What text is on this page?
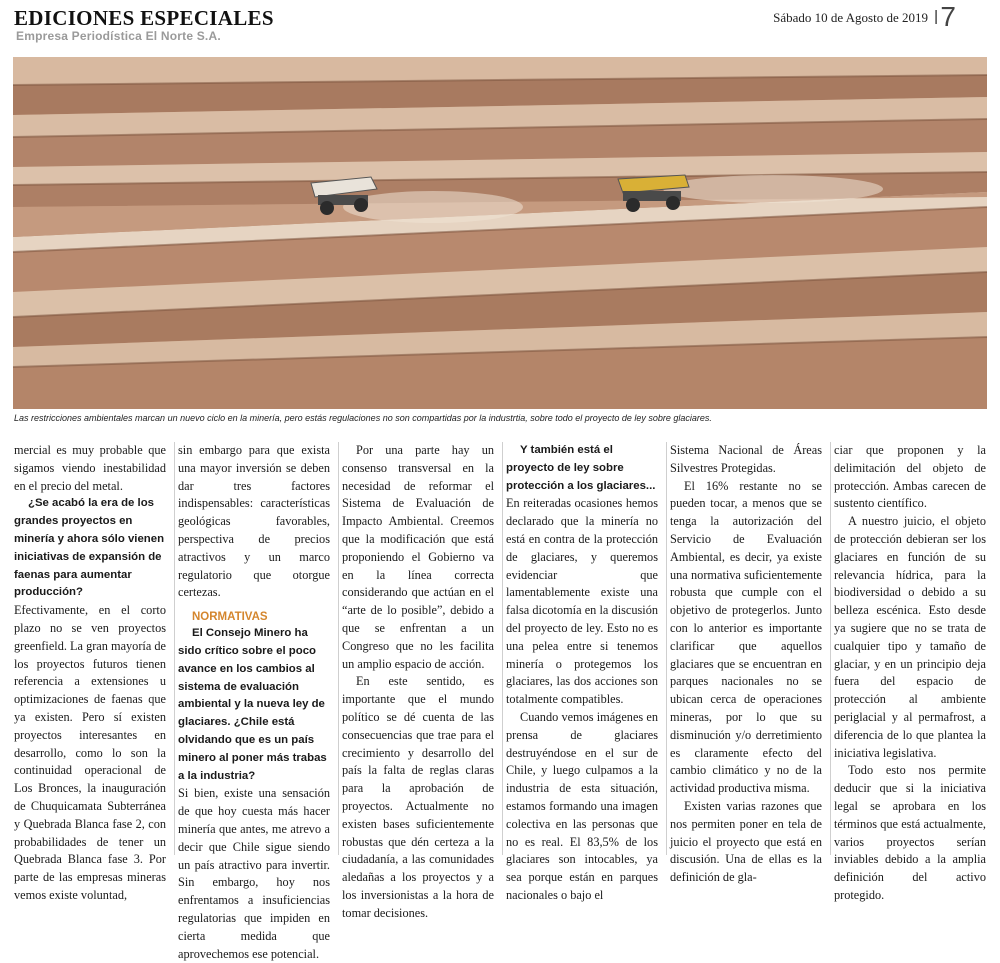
EDICIONES ESPECIALES
Empresa Periodística El Norte S.A.
Sábado 10 de Agosto de 2019 | 7
Las restricciones ambientales marcan un nuevo ciclo en la minería, pero estás regulaciones no son compartidas por la industrtia, sobre todo el proyecto de ley sobre glaciares.

mercial es muy probable que sigamos viendo inestabilidad en el precio del metal.

¿Se acabó la era de los grandes proyectos en minería y ahora sólo vienen iniciativas de expansión de faenas para aumentar producción?

Efectivamente, en el corto plazo no se ven proyectos greenfield. La gran mayoría de los proyectos futuros tienen referencia a extensiones u optimizaciones de faenas que ya existen. Pero sí existen proyectos interesantes en desarrollo, como lo son la continuidad operacional de Los Bronces, la inauguración de Chuquicamata Subterránea y Quebrada Blanca fase 2, con probabilidades de tener un Quebrada Blanca fase 3. Por parte de las empresas mineras vemos existe voluntad,

sin embargo para que exista una mayor inversión se deben dar tres factores indispensables: características geológicas favorables, perspectiva de precios atractivos y un marco regulatorio que otorgue certezas.

NORMATIVAS

El Consejo Minero ha sido crítico sobre el poco avance en los cambios al sistema de evaluación ambiental y la nueva ley de glaciares. ¿Chile está olvidando que es un país minero al poner más trabas a la industria?

Si bien, existe una sensación de que hoy cuesta más hacer minería que antes, me atrevo a decir que Chile sigue siendo un país atractivo para invertir. Sin embargo, hoy nos enfrentamos a insuficiencias regulatorias que impiden en cierta medida que aprovechemos ese potencial.

Por una parte hay un consenso transversal en la necesidad de reformar el Sistema de Evaluación de Impacto Ambiental. Creemos que la modificación que está proponiendo el Gobierno va en la línea correcta considerando que actúan en el “arte de lo posible”, debido a que se enfrentan a un Congreso que no les facilita un amplio espacio de acción.

En este sentido, es importante que el mundo político se dé cuenta de las consecuencias que trae para el crecimiento y desarrollo del país la falta de reglas claras para la aprobación de proyectos. Actualmente no existen bases suficientemente robustas que dén certeza a la ciudadanía, a las comunidades aledañas a los proyectos y a los inversionistas a la hora de tomar decisiones.

Y también está el proyecto de ley sobre protección a los glaciares...

En reiteradas ocasiones hemos declarado que la minería no está en contra de la protección de glaciares, y queremos evidenciar que lamentablemente existe una falsa dicotomía en la discusión del proyecto de ley. Esto no es una pelea entre si tenemos minería o protegemos los glaciares, las dos acciones son totalmente compatibles.

Cuando vemos imágenes en prensa de glaciares destruyéndose en el sur de Chile, y luego culpamos a la industria de esta situación, estamos formando una imagen colectiva en las personas que no es real. El 83,5% de los glaciares son intocables, ya sea porque están en parques nacionales o bajo el

Sistema Nacional de Áreas Silvestres Protegidas.

El 16% restante no se pueden tocar, a menos que se tenga la autorización del Servicio de Evaluación Ambiental, es decir, ya existe una normativa suficientemente robusta que cumple con el objetivo de protegerlos. Junto con lo anterior es importante clarificar que aquellos glaciares que se encuentran en parques nacionales no se ubican cerca de operaciones mineras, por lo que su disminución y/o derretimiento es claramente efecto del cambio climático y no de la actividad productiva misma.

Existen varias razones que nos permiten poner en tela de juicio el proyecto que está en discusión. Una de ellas es la definición de gla-

ciar que proponen y la delimitación del objeto de protección. Ambas carecen de sustento científico.

A nuestro juicio, el objeto de protección debieran ser los glaciares en función de su relevancia hídrica, para la biodiversidad o debido a su belleza escénica. Esto desde ya sugiere que no se trata de cualquier tipo y tamaño de glaciar, y en un principio deja fuera del espacio de protección al ambiente periglacial y al permafrost, a diferencia de lo que plantea la iniciativa legislativa.

Todo esto nos permite deducir que si la iniciativa legal se aprobara en los términos que está actualmente, varios proyectos serían inviables debido a la amplia definición del activo protegido.
